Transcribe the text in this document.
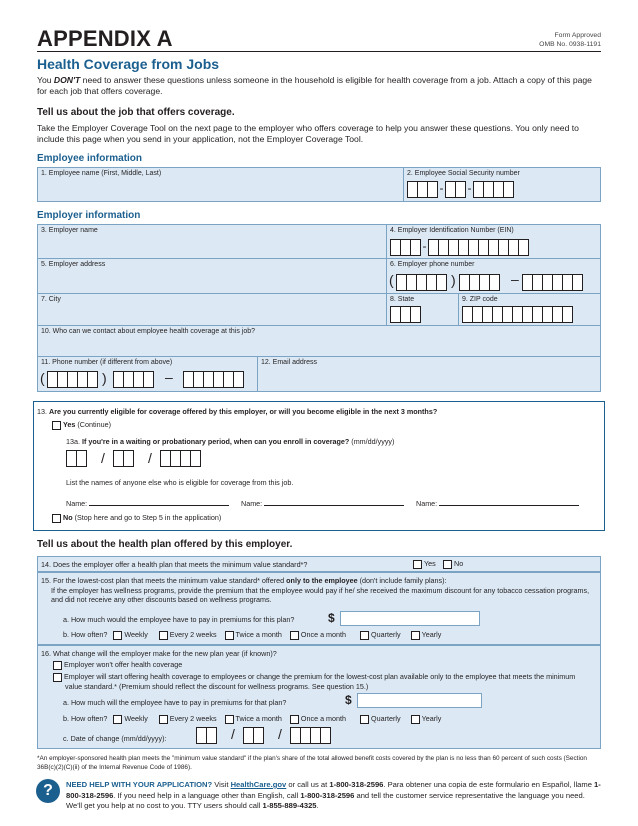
APPENDIX A	Form Approved
OMB No. 0938-1191
Health Coverage from Jobs
You DON'T need to answer these questions unless someone in the household is eligible for health coverage from a job. Attach a copy of this page for each job that offers coverage.
Tell us about the job that offers coverage.
Take the Employer Coverage Tool on the next page to the employer who offers coverage to help you answer these questions. You only need to include this page when you send in your application, not the Employer Coverage Tool.
Employee information
1. Employee name (First, Middle, Last)	2. Employee Social Security number
- -
Employer information
3. Employer name	4. Employer Identification Number (EIN)
-
5. Employer address	6. Employer phone number
(	)	–
7. City	8. State	9. ZIP code
10. Who can we contact about employee health coverage at this job?
11. Phone number (if different from above)
(	)	–
12. Email address
13. Are you currently eligible for coverage offered by this employer, or will you become eligible in the next 3 months?
Yes (Continue)
13a. If you're in a waiting or probationary period, when can you enroll in coverage? (mm/dd/yyyy)
/	/
List the names of anyone else who is eligible for coverage from this job.
Name:	Name:	Name:
No (Stop here and go to Step 5 in the application)
Tell us about the health plan offered by this employer.
14. Does the employer offer a health plan that meets the minimum value standard*?	Yes	No
15. For the lowest-cost plan that meets the minimum value standard* offered only to the employee (don't include family plans):
If the employer has wellness programs, provide the premium that the employee would pay if he/ she received the maximum discount for any tobacco cessation programs, and did not receive any other discounts based on wellness programs.
a. How much would the employee have to pay in premiums for this plan?	$
b. How often? Weekly	Every 2 weeks	Twice a month	Once a month	Quarterly	Yearly
16. What change will the employer make for the new plan year (if known)?
Employer won't offer health coverage
Employer will start offering health coverage to employees or change the premium for the lowest-cost plan available only to the employee that meets the minimum value standard.* (Premium should reflect the discount for wellness programs. See question 15.)
a. How much will the employee have to pay in premiums for that plan?	$
b. How often? Weekly	Every 2 weeks	Twice a month	Once a month	Quarterly	Yearly
c. Date of change (mm/dd/yyyy):	/	/
*An employer-sponsored health plan meets the "minimum value standard" if the plan's share of the total allowed benefit costs covered by the plan is no less than 60 percent of such costs (Section 36B(c)(2)(C)(ii) of the Internal Revenue Code of 1986).
?	NEED HELP WITH YOUR APPLICATION? Visit HealthCare.gov or call us at 1-800-318-2596. Para obtener una copia de este formulario en Español, llame 1-800-318-2596. If you need help in a language other than English, call 1-800-318-2596 and tell the customer service representative the language you need. We'll get you help at no cost to you. TTY users should call 1-855-889-4325.
